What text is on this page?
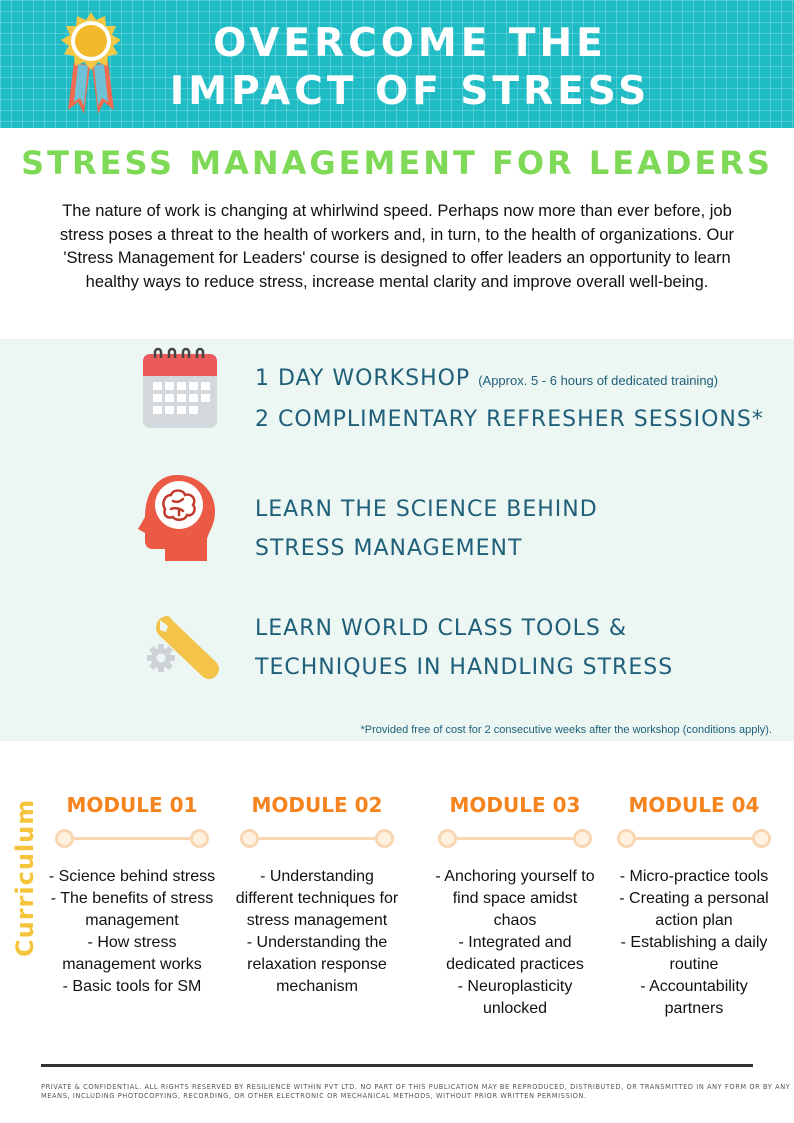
OVERCOME THE
IMPACT OF STRESS
STRESS MANAGEMENT FOR LEADERS

The nature of work is changing at whirlwind speed. Perhaps now more than ever before, job stress poses a threat to the health of workers and, in turn, to the health of organizations. Our 'Stress Management for Leaders' course is designed to offer leaders an opportunity to learn healthy ways to reduce stress, increase mental clarity and improve overall well-being.

1 DAY WORKSHOP (Approx. 5 - 6 hours of dedicated training)
2 COMPLIMENTARY REFRESHER SESSIONS*
LEARN THE SCIENCE BEHIND
STRESS MANAGEMENT
LEARN WORLD CLASS TOOLS &
TECHNIQUES IN HANDLING STRESS
*Provided free of cost for 2 consecutive weeks after the workshop (conditions apply).
Curriculum	MODULE 01
- Science behind stress
- The benefits of stress management
- How stress management works
- Basic tools for SM
MODULE 02
- Understanding different techniques for stress management
- Understanding the relaxation response mechanism
MODULE 03
- Anchoring yourself to find space amidst chaos
- Integrated and dedicated practices
- Neuroplasticity unlocked
MODULE 04
- Micro-practice tools
- Creating a personal action plan
- Establishing a daily routine
- Accountability partners
PRIVATE & CONFIDENTIAL. ALL RIGHTS RESERVED BY RESILIENCE WITHIN PVT LTD. NO PART OF THIS PUBLICATION MAY BE REPRODUCED, DISTRIBUTED, OR TRANSMITTED IN ANY FORM OR BY ANY MEANS, INCLUDING PHOTOCOPYING, RECORDING, OR OTHER ELECTRONIC OR MECHANICAL METHODS, WITHOUT PRIOR WRITTEN PERMISSION.
